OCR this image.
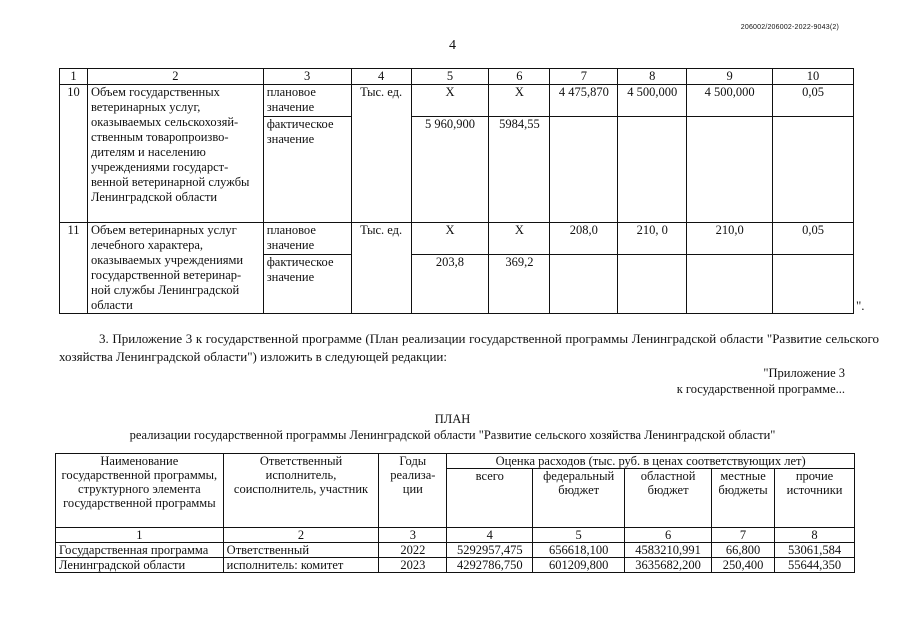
206002/206002-2022-9043(2)
4
1	2	3	4	5	6	7	8	9	10
10	Объем государственных ветеринарных услуг, оказываемых сельскохозяй-ственным товаропроизво-дителям и населению учреждениями государст-венной ветеринарной службы Ленинградской области	плановое значение	Тыс. ед.	X	X	4 475,870	4 500,000	4 500,000	0,05
		фактическое значение		5 960,900	5984,55				
11	Объем ветеринарных услуг лечебного характера, оказываемых учреждениями государственной ветеринар-ной службы Ленинградской области	плановое значение	Тыс. ед.	X	X	208,0	210, 0	210,0	0,05
		фактическое значение		203,8	369,2				
".
3. Приложение 3 к государственной программе (План реализации государственной программы Ленинградской области "Развитие сельского хозяйства Ленинградской области") изложить в следующей редакции:
"Приложение 3
к государственной программе...
ПЛАН
реализации государственной программы Ленинградской области "Развитие сельского хозяйства Ленинградской области"
Наименование государственной программы, структурного элемента государственной программы	Ответственный исполнитель, соисполнитель, участник	Годы реализа-ции	Оценка расходов (тыс. руб. в ценах соответствующих лет)				
			всего	федеральный бюджет	областной бюджет	местные бюджеты	прочие источники
1	2	3	4	5	6	7	8
Государственная программа	Ответственный	2022	5292957,475	656618,100	4583210,991	66,800	53061,584
Ленинградской области	исполнитель: комитет	2023	4292786,750	601209,800	3635682,200	250,400	55644,350
